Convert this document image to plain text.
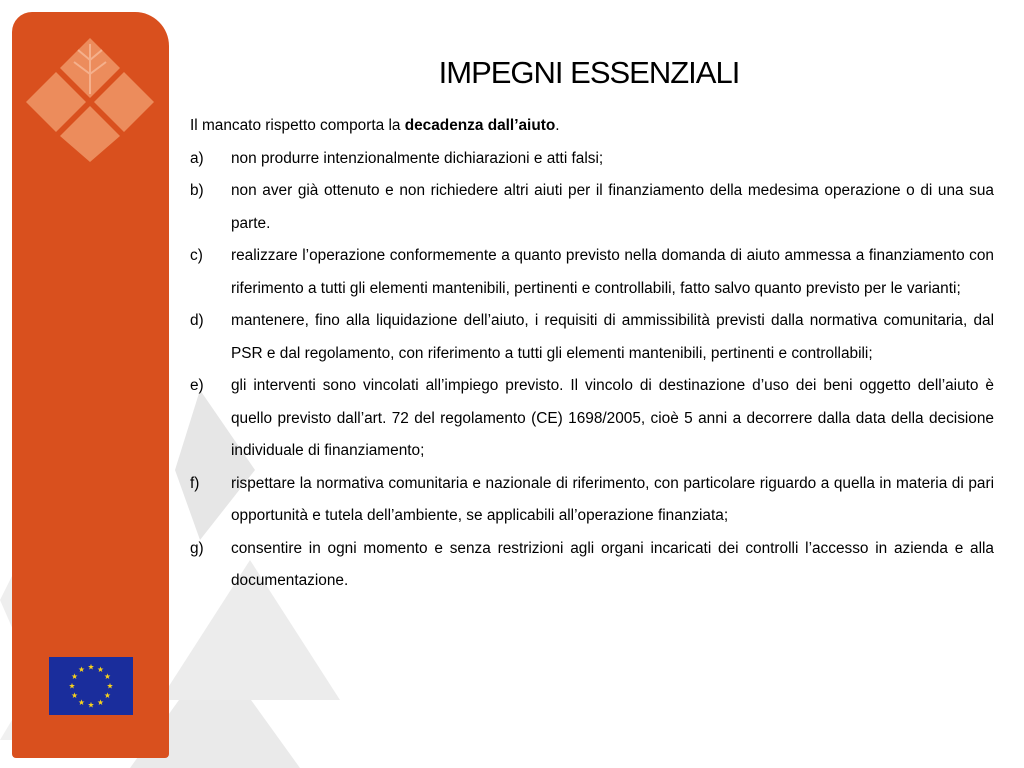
IMPEGNI ESSENZIALI

Il mancato rispetto comporta la decadenza dall’aiuto.

a) non produrre intenzionalmente dichiarazioni e atti falsi;
b) non aver già ottenuto e non richiedere altri aiuti per il finanziamento della medesima operazione o di una sua parte.
c) realizzare l’operazione conformemente a quanto previsto nella domanda di aiuto ammessa a finanziamento con riferimento a tutti gli elementi mantenibili, pertinenti e controllabili, fatto salvo quanto previsto per le varianti;
d) mantenere, fino alla liquidazione dell’aiuto, i requisiti di ammissibilità previsti dalla normativa comunitaria, dal PSR e dal regolamento, con riferimento a tutti gli elementi mantenibili, pertinenti e controllabili;
e) gli interventi sono vincolati all’impiego previsto. Il vincolo di destinazione d’uso dei beni oggetto dell’aiuto è quello previsto dall’art. 72 del regolamento (CE) 1698/2005, cioè 5 anni a decorrere dalla data della decisione individuale di finanziamento;
f) rispettare la normativa comunitaria e nazionale di riferimento, con particolare riguardo a quella in materia di pari opportunità e tutela dell’ambiente, se applicabili all’operazione finanziata;
g) consentire in ogni momento e senza restrizioni agli organi incaricati dei controlli l’accesso in azienda e alla documentazione.
